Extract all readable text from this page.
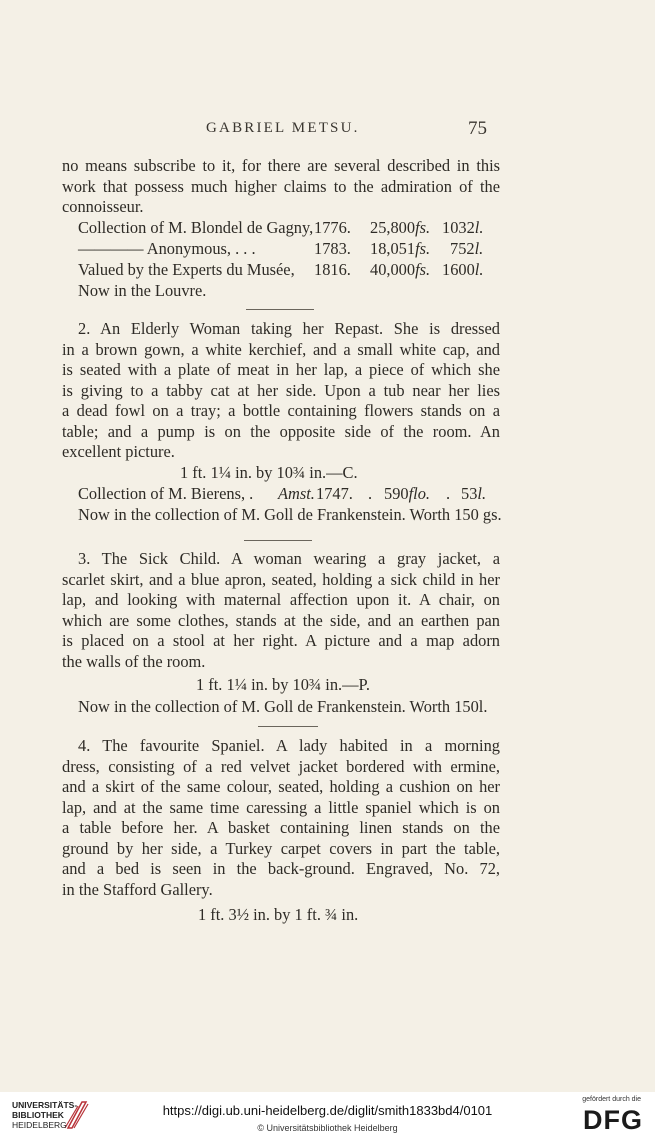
GABRIEL METSU.	75
no means subscribe to it, for there are several described in this
work that possess much higher claims to the admiration of the
connoisseur.
Collection of M. Blondel de Gagny, 1776. 25,800fs. 1032l.
———— Anonymous, . . .	1783. 18,051fs. 752l.
Valued by the Experts du Musée, 1816. 40,000fs. 1600l.
Now in the Louvre.
2. An Elderly Woman taking her Repast. She is dressed
in a brown gown, a white kerchief, and a small white cap, and
is seated with a plate of meat in her lap, a piece of which she
is giving to a tabby cat at her side. Upon a tub near her lies
a dead fowl on a tray; a bottle containing flowers stands on a
table; and a pump is on the opposite side of the room. An
excellent picture.
1 ft. 1¼ in. by 10¾ in.—C.
Collection of M. Bierens, . Amst. 1747. . 590flo. . 53l.
Now in the collection of M. Goll de Frankenstein. Worth 150 gs.
3. The Sick Child. A woman wearing a gray jacket, a
scarlet skirt, and a blue apron, seated, holding a sick child in her
lap, and looking with maternal affection upon it. A chair, on
which are some clothes, stands at the side, and an earthen pan
is placed on a stool at her right. A picture and a map adorn
the walls of the room.
1 ft. 1¼ in. by 10¾ in.—P.
Now in the collection of M. Goll de Frankenstein. Worth 150l.
4. The favourite Spaniel. A lady habited in a morning
dress, consisting of a red velvet jacket bordered with ermine,
and a skirt of the same colour, seated, holding a cushion on her
lap, and at the same time caressing a little spaniel which is on
a table before her. A basket containing linen stands on the
ground by her side, a Turkey carpet covers in part the table,
and a bed is seen in the back-ground. Engraved, No. 72,
in the Stafford Gallery.
1 ft. 3½ in. by 1 ft. ¾ in.
UNIVERSITÄTS-
BIBLIOTHEK
HEIDELBERG
https://digi.ub.uni-heidelberg.de/diglit/smith1833bd4/0101
© Universitätsbibliothek Heidelberg
gefördert durch die
DFG
